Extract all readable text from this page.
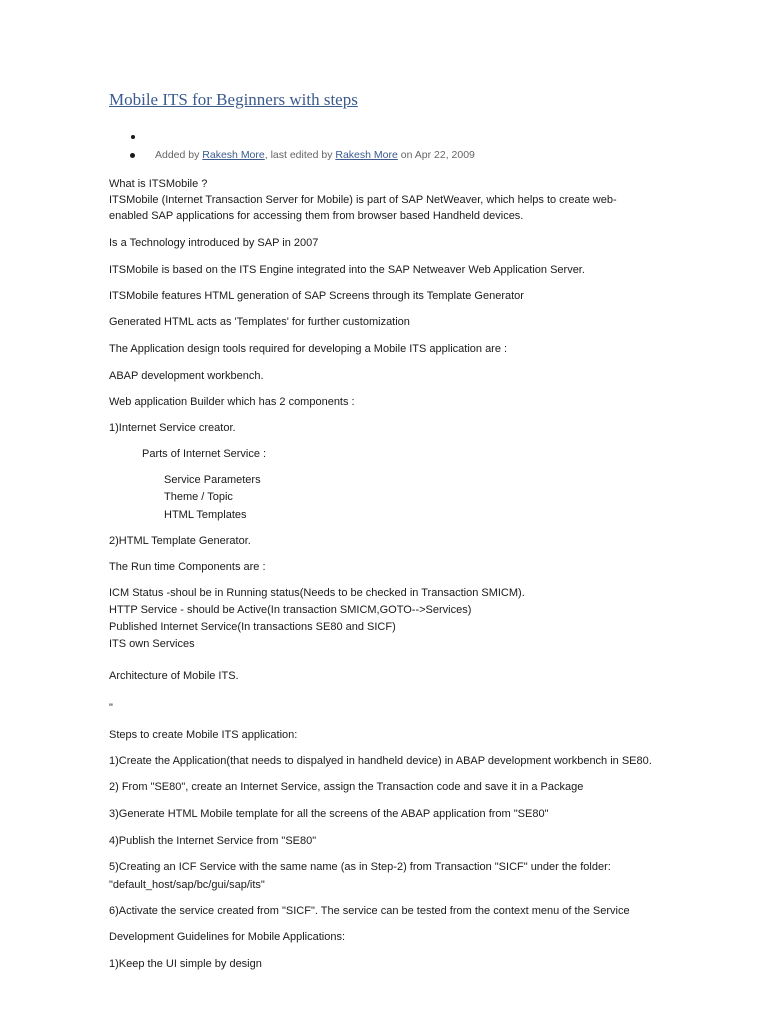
Mobile ITS for Beginners with steps
Added by Rakesh More, last edited by Rakesh More on Apr 22, 2009
What is ITSMobile ?
ITSMobile (Internet Transaction Server for Mobile) is part of SAP NetWeaver, which helps to create web-
enabled SAP applications for accessing them from browser based Handheld devices.
Is a Technology introduced by SAP in 2007
ITSMobile is based on the ITS Engine integrated into the SAP Netweaver Web Application Server.
ITSMobile features HTML generation of SAP Screens through its Template Generator
Generated HTML acts as 'Templates' for further customization
The Application design tools required for developing a Mobile ITS application are :
ABAP development workbench.
Web application Builder which has 2 components :
1)Internet Service creator.
Parts of Internet Service :
Service Parameters
Theme / Topic
HTML Templates
2)HTML Template Generator.
The Run time Components are :
ICM Status -shoul be in Running status(Needs to be checked in Transaction SMICM).
HTTP Service - should be Active(In transaction SMICM,GOTO-->Services)
Published Internet Service(In transactions SE80 and SICF)
ITS own Services
Architecture of Mobile ITS.
"
Steps to create Mobile ITS application:
1)Create the Application(that needs to dispalyed in handheld device) in ABAP development workbench in SE80.
2) From "SE80", create an Internet Service, assign the Transaction code and save it in a Package
3)Generate HTML Mobile template for all the screens of the ABAP application from "SE80"
4)Publish the Internet Service from "SE80"
5)Creating an ICF Service with the same name (as in Step-2) from Transaction "SICF" under the folder:
"default_host/sap/bc/gui/sap/its"
6)Activate the service created from "SICF". The service can be tested from the context menu of the Service
Development Guidelines for Mobile Applications:
1)Keep the UI simple by design
